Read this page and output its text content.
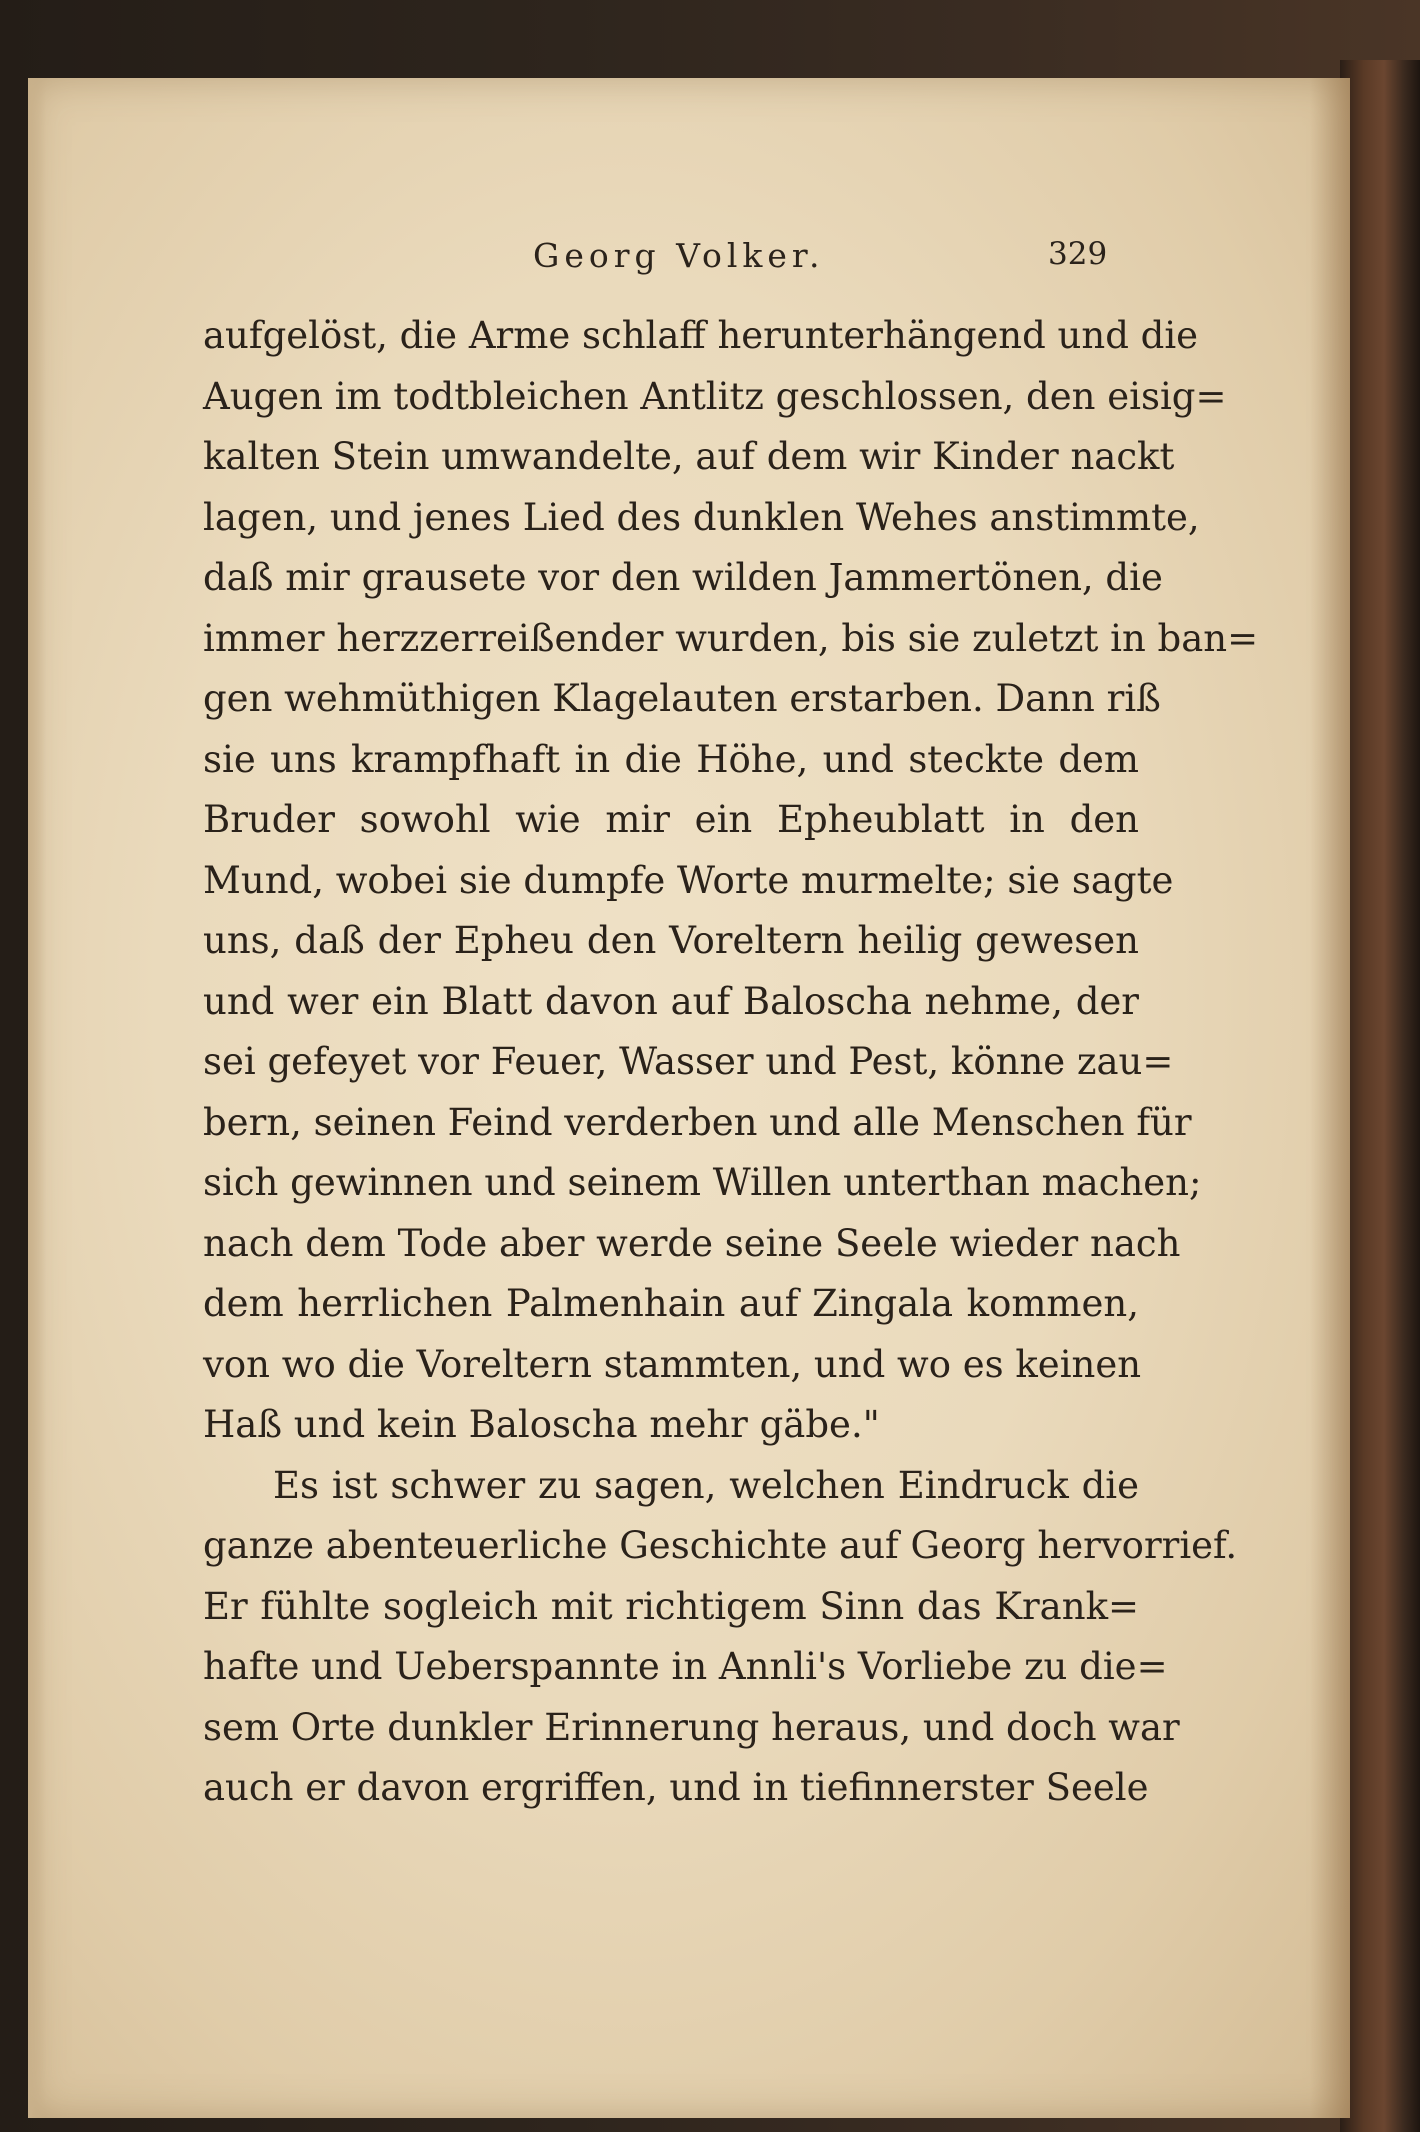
Georg Volker.	329
aufgelöst, die Arme schlaff herunterhängend und die
Augen im todtbleichen Antlitz geschlossen, den eisig=
kalten Stein umwandelte, auf dem wir Kinder nackt
lagen, und jenes Lied des dunklen Wehes anstimmte,
daß mir grausete vor den wilden Jammertönen, die
immer herzzerreißender wurden, bis sie zuletzt in ban=
gen wehmüthigen Klagelauten erstarben. Dann riß
sie uns krampfhaft in die Höhe, und steckte dem
Bruder sowohl wie mir ein Epheublatt in den
Mund, wobei sie dumpfe Worte murmelte; sie sagte
uns, daß der Epheu den Voreltern heilig gewesen
und wer ein Blatt davon auf Baloscha nehme, der
sei gefeyet vor Feuer, Wasser und Pest, könne zau=
bern, seinen Feind verderben und alle Menschen für
sich gewinnen und seinem Willen unterthan machen;
nach dem Tode aber werde seine Seele wieder nach
dem herrlichen Palmenhain auf Zingala kommen,
von wo die Voreltern stammten, und wo es keinen
Haß und kein Baloscha mehr gäbe."
Es ist schwer zu sagen, welchen Eindruck die
ganze abenteuerliche Geschichte auf Georg hervorrief.
Er fühlte sogleich mit richtigem Sinn das Krank=
hafte und Ueberspannte in Annli's Vorliebe zu die=
sem Orte dunkler Erinnerung heraus, und doch war
auch er davon ergriffen, und in tiefinnerster Seele
